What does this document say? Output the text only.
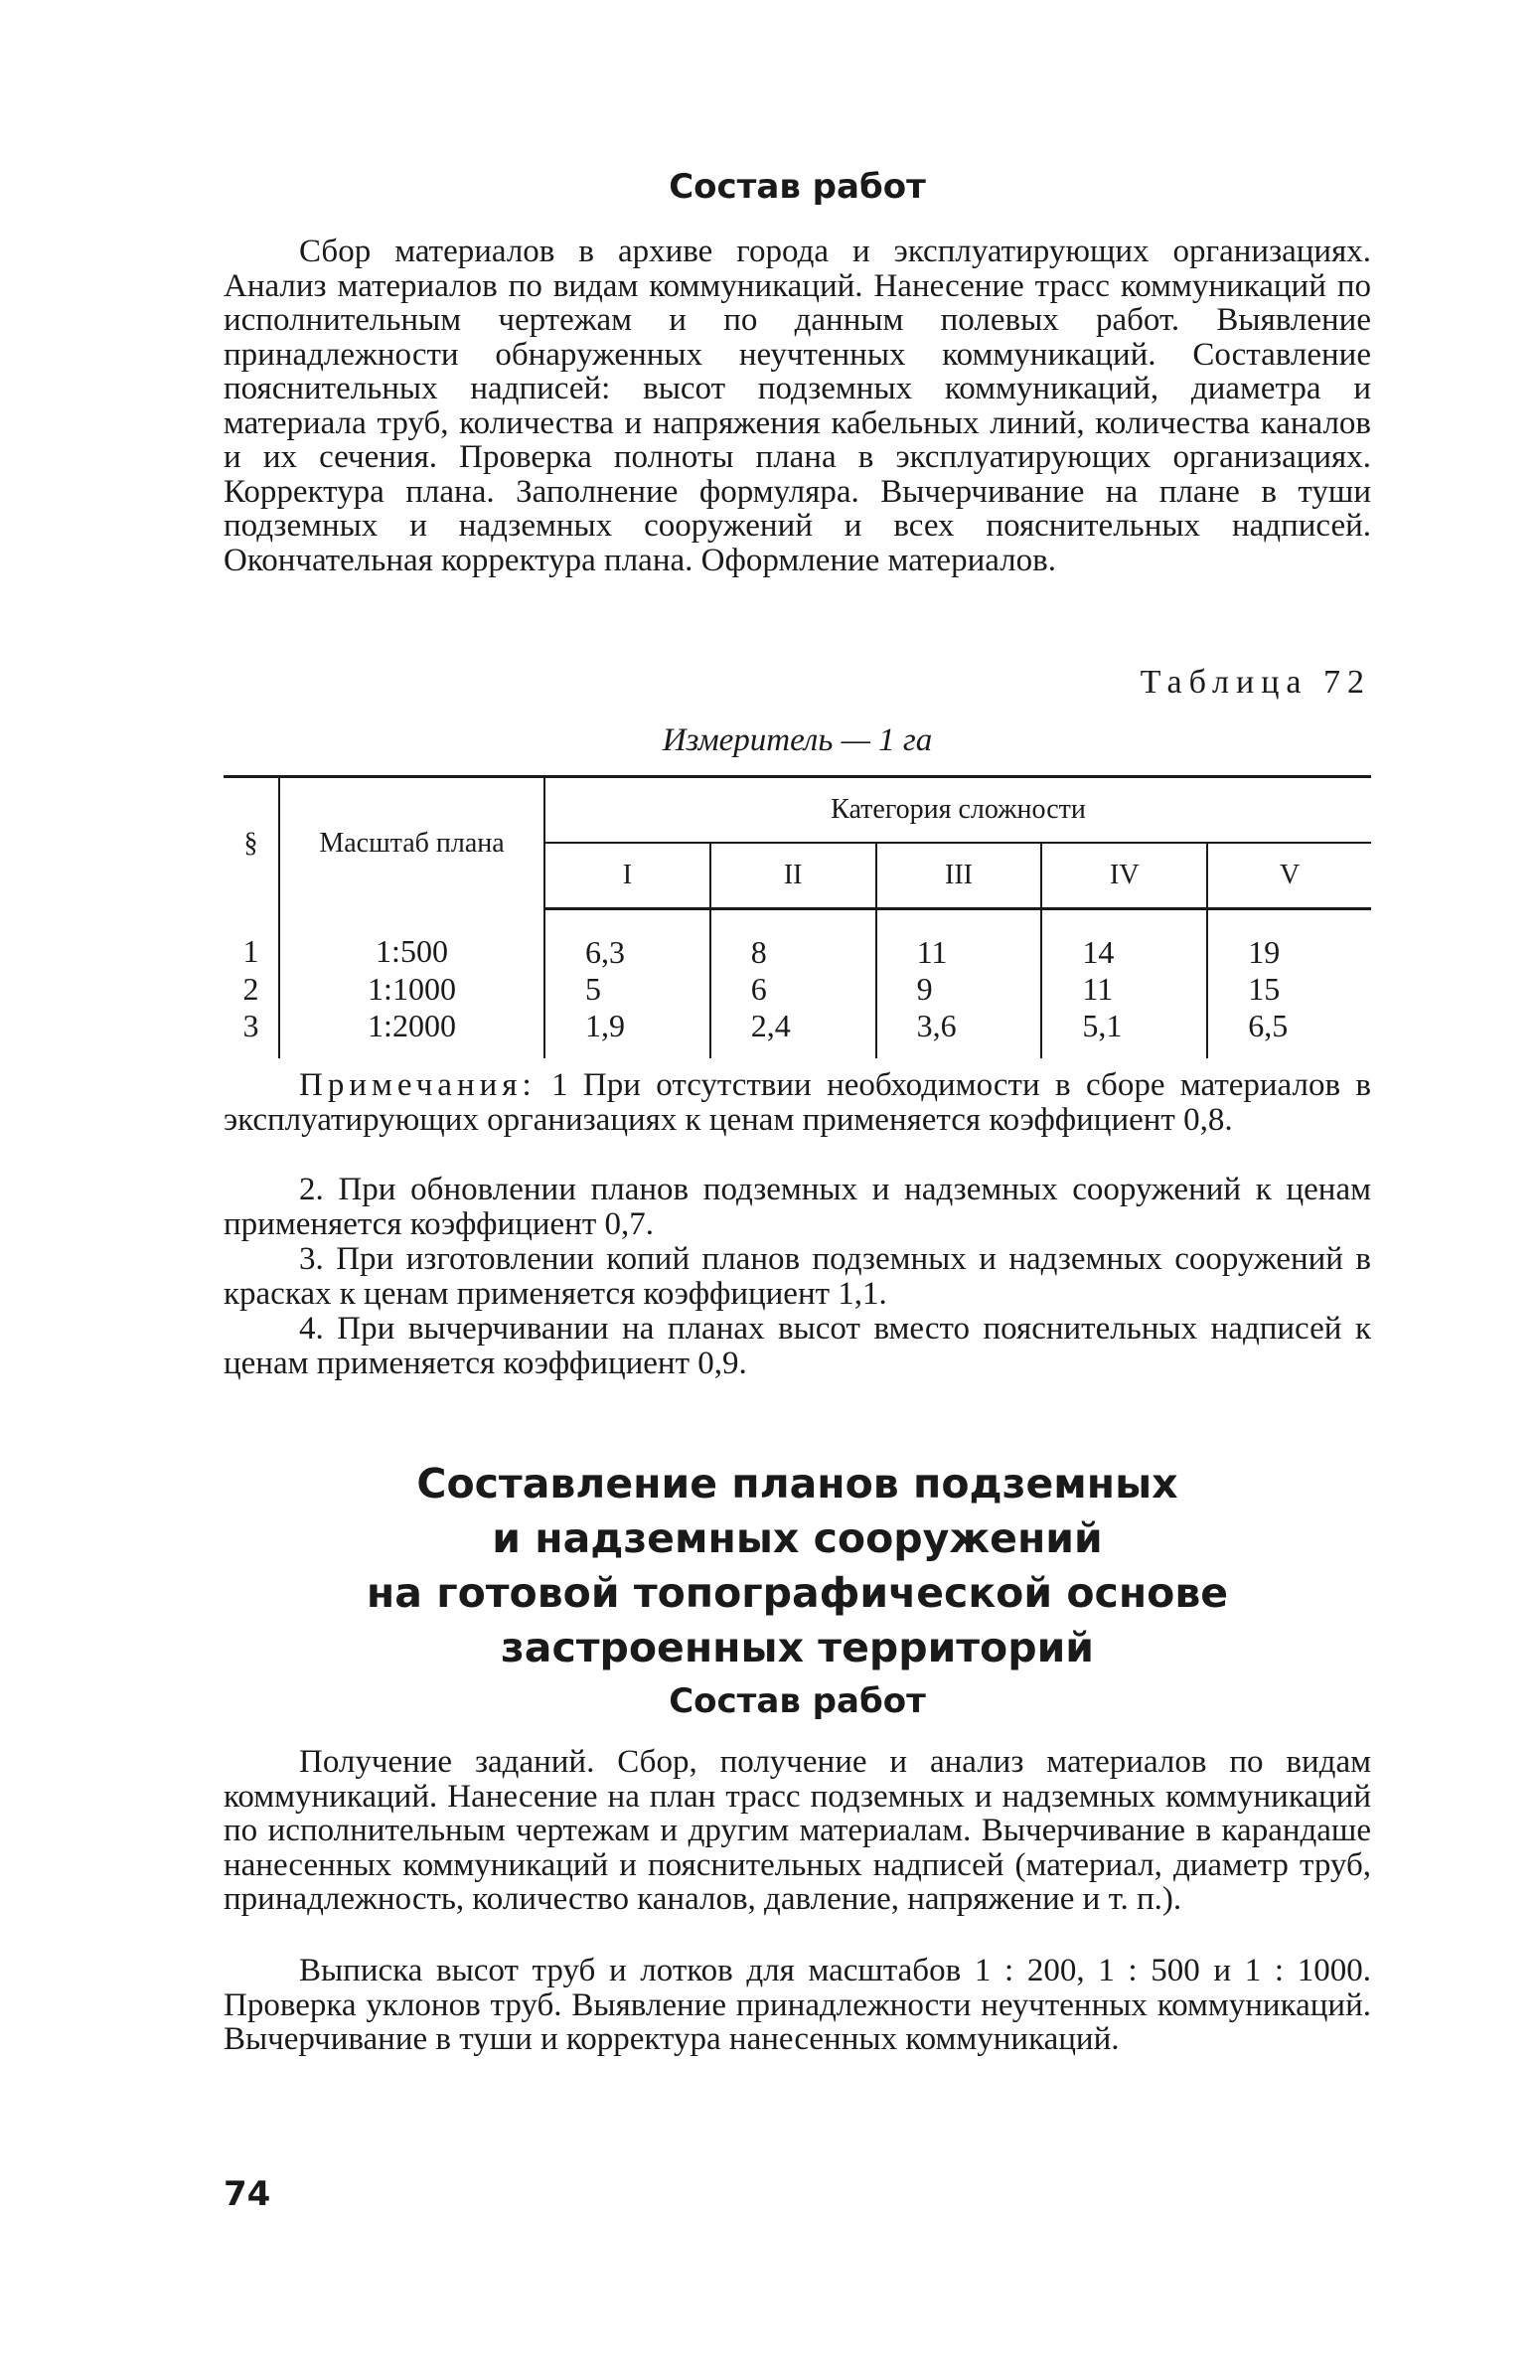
Состав работ

Сбор материалов в архиве города и эксплуатирующих организациях. Анализ материалов по видам коммуникаций. Нанесение трасс коммуникаций по исполнительным чертежам и по данным полевых работ. Выявление принадлежности обнаруженных неучтенных коммуникаций. Составление пояснительных надписей: высот подземных коммуникаций, диаметра и материала труб, количества и напряжения кабельных линий, количества каналов и их сечения. Проверка полноты плана в эксплуатирующих организациях. Корректура плана. Заполнение формуляра. Вычерчивание на плане в туши подземных и надземных сооружений и всех пояснительных надписей. Окончательная корректура плана. Оформление материалов.

Таблица 72
Измеритель — 1 га
§	Масштаб плана	Категория сложности				
		I	II	III	IV	V
1	1:500	6,3	8	11	14	19
2	1:1000	5	6	9	11	15
3	1:2000	1,9	2,4	3,6	5,1	6,5

Примечания: 1 При отсутствии необходимости в сборе материалов в эксплуатирующих организациях к ценам применяется коэффициент 0,8.

2. При обновлении планов подземных и надземных сооружений к ценам применяется коэффициент 0,7.

3. При изготовлении копий планов подземных и надземных сооружений в красках к ценам применяется коэффициент 1,1.

4. При вычерчивании на планах высот вместо пояснительных надписей к ценам применяется коэффициент 0,9.

Составление планов подземных
и надземных сооружений
на готовой топографической основе
застроенных территорий
Состав работ

Получение заданий. Сбор, получение и анализ материалов по видам коммуникаций. Нанесение на план трасс подземных и надземных коммуникаций по исполнительным чертежам и другим материалам. Вычерчивание в карандаше нанесенных коммуникаций и пояснительных надписей (материал, диаметр труб, принадлежность, количество каналов, давление, напряжение и т. п.).

Выписка высот труб и лотков для масштабов 1 : 200, 1 : 500 и 1 : 1000. Проверка уклонов труб. Выявление принадлежности неучтенных коммуникаций. Вычерчивание в туши и корректура нанесенных коммуникаций.

74
